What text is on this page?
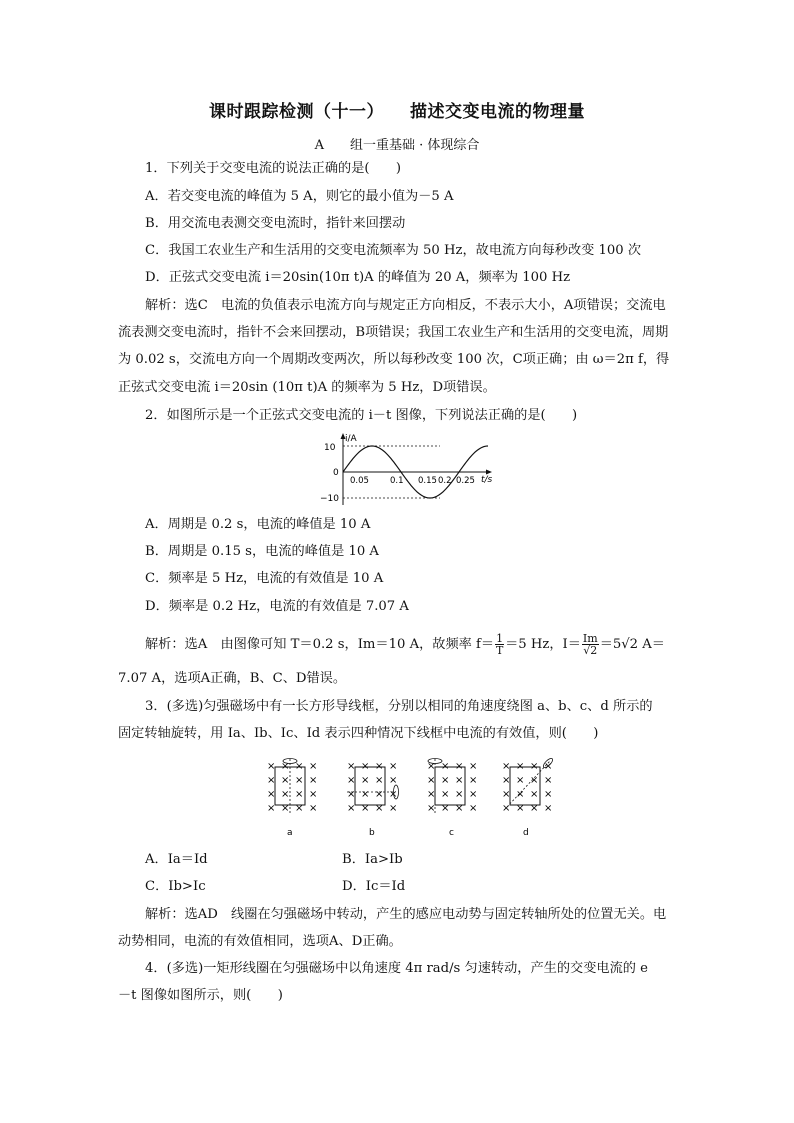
课时跟踪检测（十一） 描述交变电流的物理量
A 组一重基础 · 体现综合
1．下列关于交变电流的说法正确的是(　　)
A．若交变电流的峰值为 5 A，则它的最小值为－5 A
B．用交流电表测交变电流时，指针来回摆动
C．我国工农业生产和生活用的交变电流频率为 50 Hz，故电流方向每秒改变 100 次
D．正弦式交变电流 i＝20sin(10π t)A 的峰值为 20 A，频率为 100 Hz

解析：选C　电流的负值表示电流方向与规定正方向相反，不表示大小，A项错误；交流电流表测交变电流时，指针不会来回摆动，B项错误；我国工农业生产和生活用的交变电流，周期为 0.02 s，交流电方向一个周期改变两次，所以每秒改变 100 次，C项正确；由 ω＝2π f，得正弦式交变电流 i＝20sin (10π t)A 的频率为 5 Hz，D项错误。

2．如图所示是一个正弦式交变电流的 i－t 图像，下列说法正确的是(　　)
i/A
t/s
10
0
−10
0.05 0.1 0.15 0.2 0.25
A．周期是 0.2 s，电流的峰值是 10 A
B．周期是 0.15 s，电流的峰值是 10 A
C．频率是 5 Hz，电流的有效值是 10 A
D．频率是 0.2 Hz，电流的有效值是 7.07 A
解析：选A　由图像可知 T＝0.2 s，Im＝10 A，故频率 $f= \frac{1}{T} =5$ Hz，$I= \frac{Im}{√2} =5√2$ A＝
7.07 A，选项A正确，B、C、D错误。
3．(多选)匀强磁场中有一长方形导线框，分别以相同的角速度绕图 a、b、c、d 所示的
固定转轴旋转，用 Ia、Ib、Ic、Id 表示四种情况下线框中电流的有效值，则(　　)
× × × ×
× × × ×
× × × ×
× × × ×
× × × ×
× × × ×
× × × ×
× × × ×
× × × ×
× × × ×
× × × ×
× × × ×
× × × ×
× × × ×
× × × ×
× × × ×
a	b	c	d
A．Ia＝Id	B．Ia>Ib
C．Ib>Ic	D．Ic＝Id

解析：选AD　线圈在匀强磁场中转动，产生的感应电动势与固定转轴所处的位置无关。电动势相同，电流的有效值相同，选项A、D正确。

4．(多选)一矩形线圈在匀强磁场中以角速度 4π rad/s 匀速转动，产生的交变电流的 e
－t 图像如图所示，则(　　)
